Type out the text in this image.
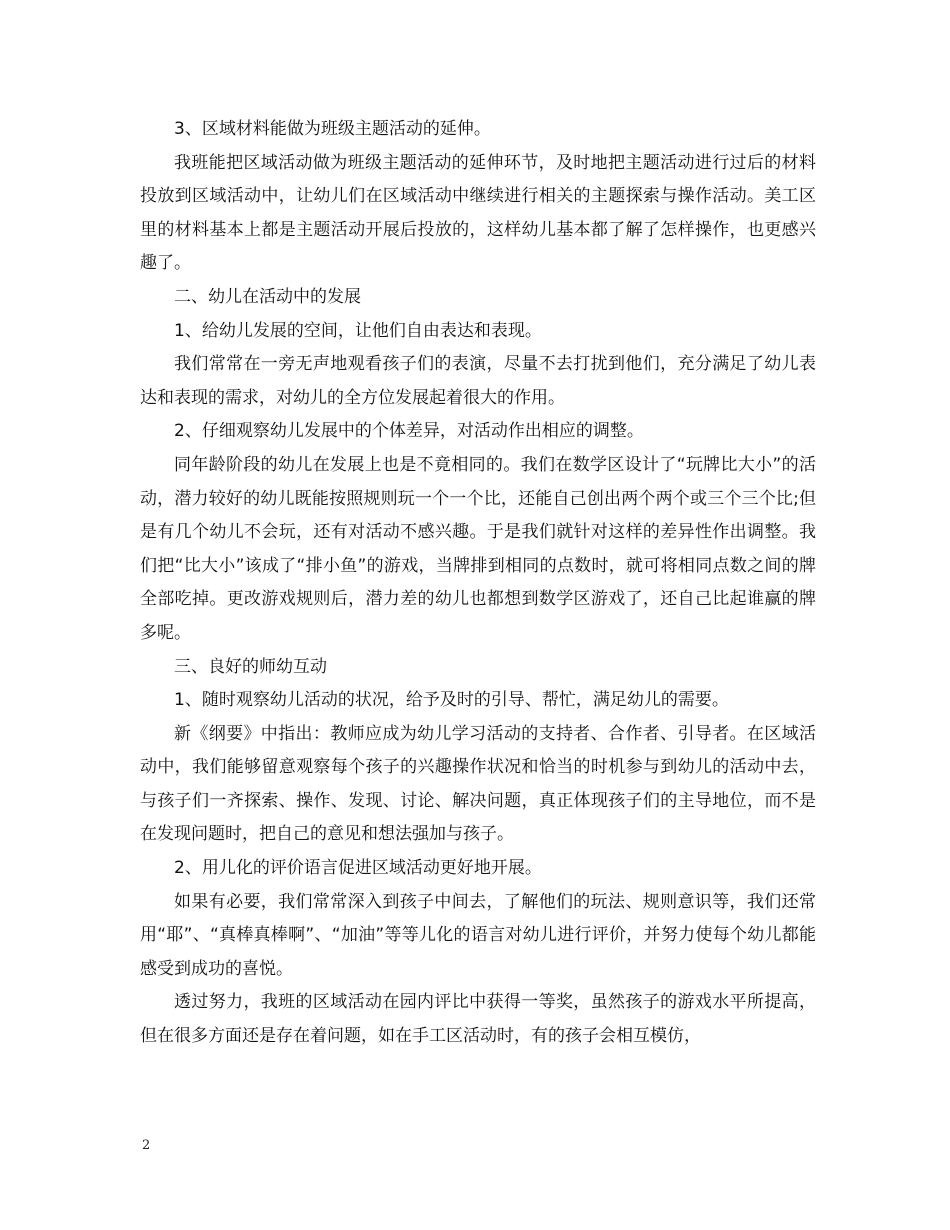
3、区域材料能做为班级主题活动的延伸。

我班能把区域活动做为班级主题活动的延伸环节，及时地把主题活动进行过后的材料投放到区域活动中，让幼儿们在区域活动中继续进行相关的主题探索与操作活动。美工区里的材料基本上都是主题活动开展后投放的，这样幼儿基本都了解了怎样操作，也更感兴趣了。

二、幼儿在活动中的发展

1、给幼儿发展的空间，让他们自由表达和表现。

我们常常在一旁无声地观看孩子们的表演，尽量不去打扰到他们，充分满足了幼儿表达和表现的需求，对幼儿的全方位发展起着很大的作用。

2、仔细观察幼儿发展中的个体差异，对活动作出相应的调整。

同年龄阶段的幼儿在发展上也是不竟相同的。我们在数学区设计了“玩牌比大小”的活动，潜力较好的幼儿既能按照规则玩一个一个比，还能自己创出两个两个或三个三个比;但是有几个幼儿不会玩，还有对活动不感兴趣。于是我们就针对这样的差异性作出调整。我们把“比大小”该成了“排小鱼”的游戏，当牌排到相同的点数时，就可将相同点数之间的牌全部吃掉。更改游戏规则后，潜力差的幼儿也都想到数学区游戏了，还自己比起谁赢的牌多呢。

三、良好的师幼互动

1、随时观察幼儿活动的状况，给予及时的引导、帮忙，满足幼儿的需要。

新《纲要》中指出：教师应成为幼儿学习活动的支持者、合作者、引导者。在区域活动中，我们能够留意观察每个孩子的兴趣操作状况和恰当的时机参与到幼儿的活动中去，与孩子们一齐探索、操作、发现、讨论、解决问题，真正体现孩子们的主导地位，而不是在发现问题时，把自己的意见和想法强加与孩子。

2、用儿化的评价语言促进区域活动更好地开展。

如果有必要，我们常常深入到孩子中间去，了解他们的玩法、规则意识等，我们还常用“耶”、“真棒真棒啊”、“加油”等等儿化的语言对幼儿进行评价，并努力使每个幼儿都能感受到成功的喜悦。

透过努力，我班的区域活动在园内评比中获得一等奖，虽然孩子的游戏水平所提高，但在很多方面还是存在着问题，如在手工区活动时，有的孩子会相互模仿，

2
